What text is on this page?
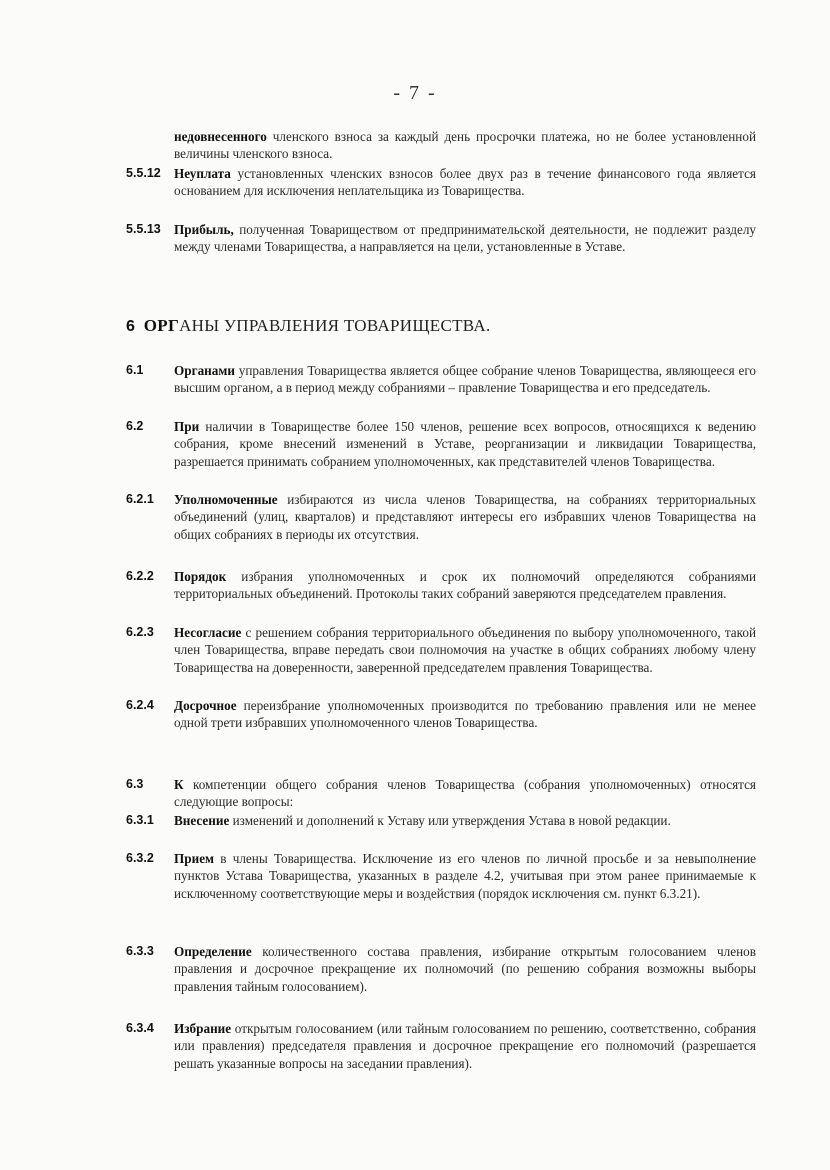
- 7 -
недовнесенного членского взноса за каждый день просрочки платежа, но не более установленной величины членского взноса.
5.5.12	Неуплата установленных членских взносов более двух раз в течение финансового года является основанием для исключения неплательщика из Товарищества.
5.5.13	Прибыль, полученная Товариществом от предпринимательской деятельности, не подлежит разделу между членами Товарищества, а направляется на цели, установленные в Уставе.
6 ОРГАНЫ УПРАВЛЕНИЯ ТОВАРИЩЕСТВА.
6.1	Органами управления Товарищества является общее собрание членов Товарищества, являющееся его высшим органом, а в период между собраниями – правление Товарищества и его председатель.
6.2	При наличии в Товариществе более 150 членов, решение всех вопросов, относящихся к ведению собрания, кроме внесений изменений в Уставе, реорганизации и ликвидации Товарищества, разрешается принимать собранием уполномоченных, как представителей членов Товарищества.
6.2.1	Уполномоченные избираются из числа членов Товарищества, на собраниях территориальных объединений (улиц, кварталов) и представляют интересы его избравших членов Товарищества на общих собраниях в периоды их отсутствия.
6.2.2	Порядок избрания уполномоченных и срок их полномочий определяются собраниями территориальных объединений. Протоколы таких собраний заверяются председателем правления.
6.2.3	Несогласие с решением собрания территориального объединения по выбору уполномоченного, такой член Товарищества, вправе передать свои полномочия на участке в общих собраниях любому члену Товарищества на доверенности, заверенной председателем правления Товарищества.
6.2.4	Досрочное переизбрание уполномоченных производится по требованию правления или не менее одной трети избравших уполномоченного членов Товарищества.
6.3	К компетенции общего собрания членов Товарищества (собрания уполномоченных) относятся следующие вопросы:
6.3.1	Внесение изменений и дополнений к Уставу или утверждения Устава в новой редакции.
6.3.2	Прием в члены Товарищества. Исключение из его членов по личной просьбе и за невыполнение пунктов Устава Товарищества, указанных в разделе 4.2, учитывая при этом ранее принимаемые к исключенному соответствующие меры и воздействия (порядок исключения см. пункт 6.3.21).
6.3.3	Определение количественного состава правления, избирание открытым голосованием членов правления и досрочное прекращение их полномочий (по решению собрания возможны выборы правления тайным голосованием).
6.3.4	Избрание открытым голосованием (или тайным голосованием по решению, соответственно, собрания или правления) председателя правления и досрочное прекращение его полномочий (разрешается решать указанные вопросы на заседании правления).
